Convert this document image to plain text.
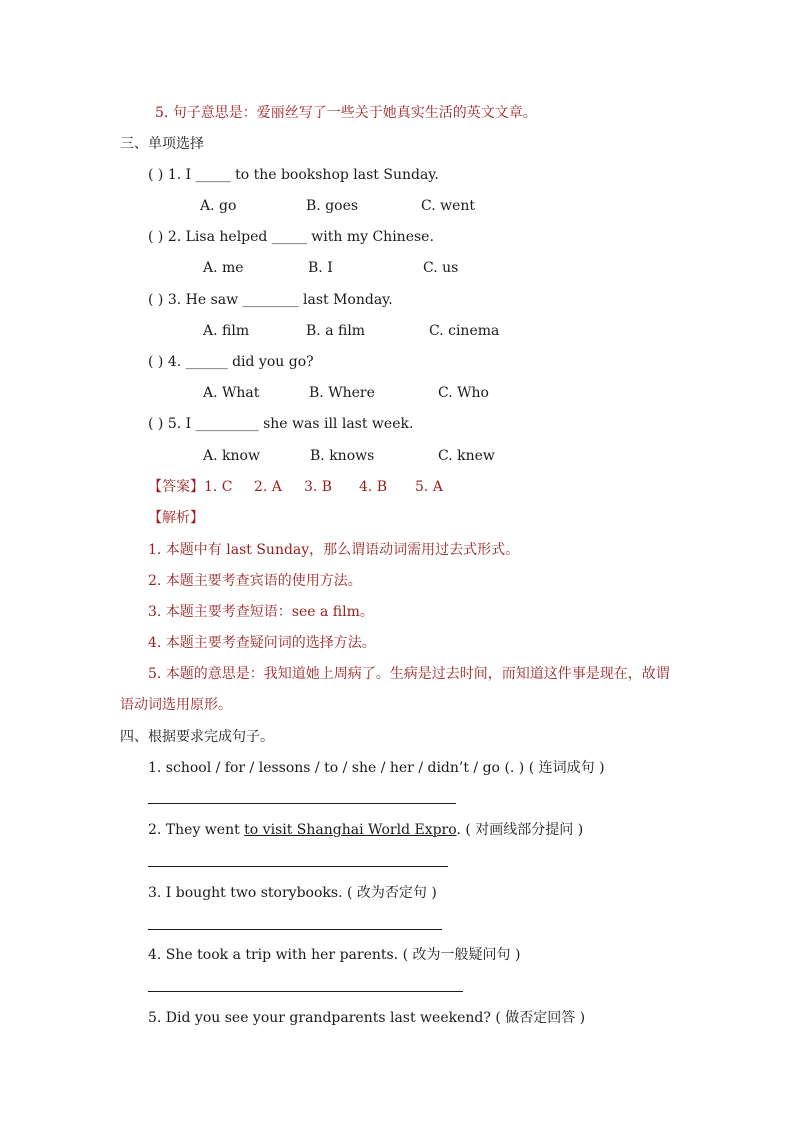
5. 句子意思是：爱丽丝写了一些关于她真实生活的英文文章。
三、单项选择
( ) 1. I _____ to the bookshop last Sunday.
A. go	B. goes	C. went
( ) 2. Lisa helped _____ with my Chinese.
A. me	B. I	C. us
( ) 3. He saw ________ last Monday.
A. film	B. a film	C. cinema
( ) 4. ______ did you go?
A. What	B. Where	C. Who
( ) 5. I _________ she was ill last week.
A. know	B. knows	C. knew
【答案】 1. C 2. A 3. B 4. B 5. A
【解析】
1. 本题中有 last Sunday，那么谓语动词需用过去式形式。
2. 本题主要考查宾语的使用方法。
3. 本题主要考查短语：see a film。
4. 本题主要考查疑问词的选择方法。
5. 本题的意思是：我知道她上周病了。生病是过去时间，而知道这件事是现在，故谓
语动词选用原形。
四、根据要求完成句子。
1. school / for / lessons / to / she / her / didn’t / go (. ) ( 连词成句 )
2. They went to visit Shanghai World Expro. ( 对画线部分提问 )
3. I bought two storybooks. ( 改为否定句 )
4. She took a trip with her parents. ( 改为一般疑问句 )
5. Did you see your grandparents last weekend? ( 做否定回答 )
